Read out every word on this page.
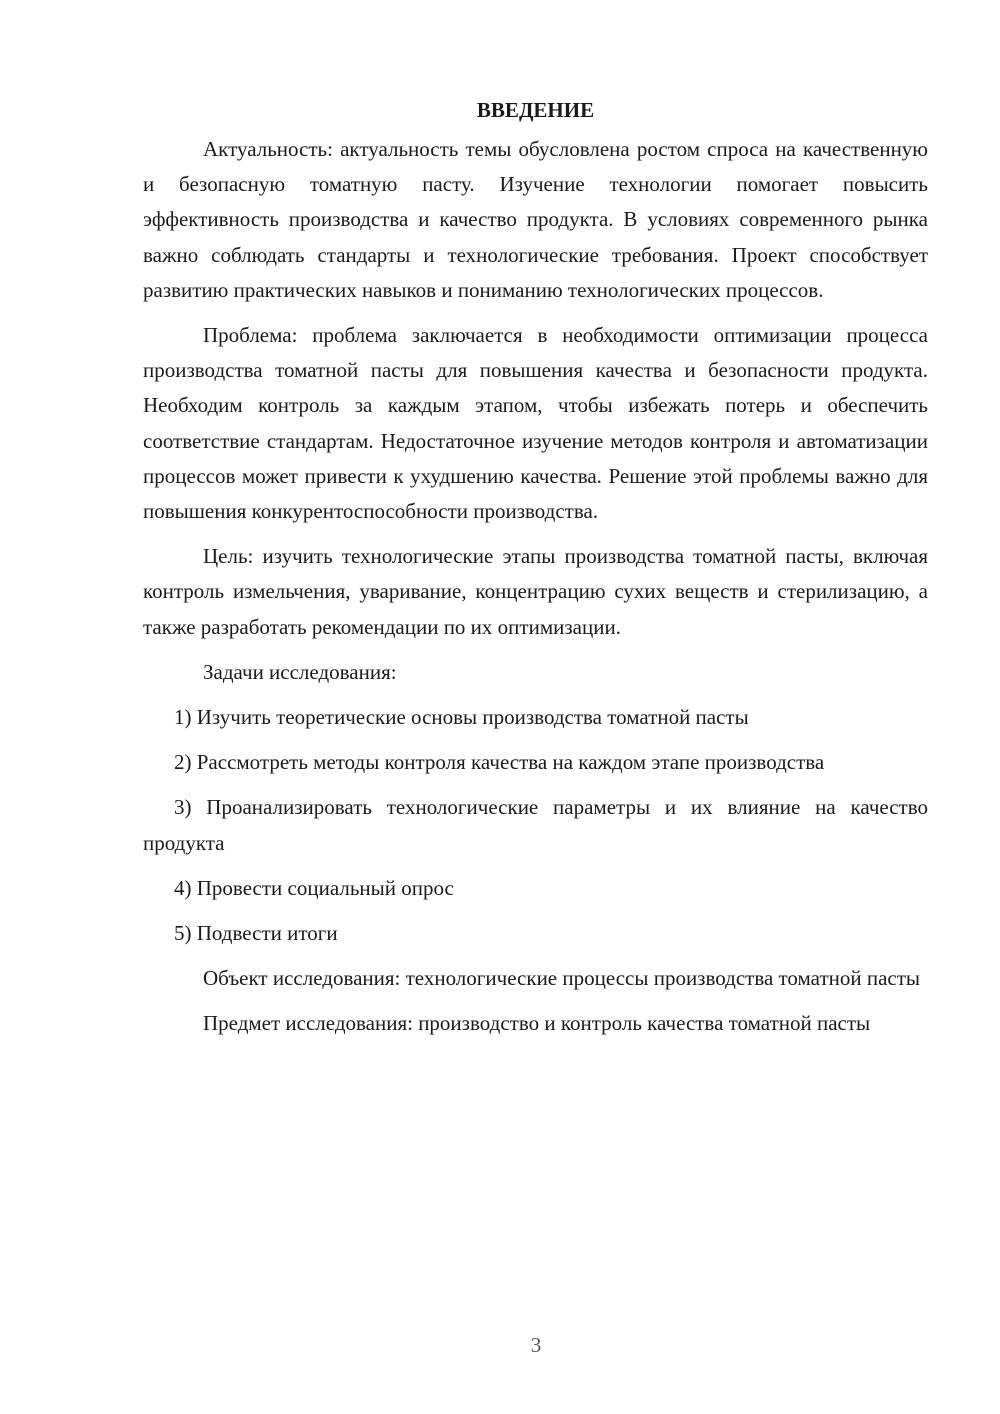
ВВЕДЕНИЕ

Актуальность: актуальность темы обусловлена ростом спроса на качественную и безопасную томатную пасту. Изучение технологии помогает повысить эффективность производства и качество продукта. В условиях современного рынка важно соблюдать стандарты и технологические требования. Проект способствует развитию практических навыков и пониманию технологических процессов.

Проблема: проблема заключается в необходимости оптимизации процесса производства томатной пасты для повышения качества и безопасности продукта. Необходим контроль за каждым этапом, чтобы избежать потерь и обеспечить соответствие стандартам. Недостаточное изучение методов контроля и автоматизации процессов может привести к ухудшению качества. Решение этой проблемы важно для повышения конкурентоспособности производства.

Цель: изучить технологические этапы производства томатной пасты, включая контроль измельчения, уваривание, концентрацию сухих веществ и стерилизацию, а также разработать рекомендации по их оптимизации.

Задачи исследования:

1) Изучить теоретические основы производства томатной пасты

2) Рассмотреть методы контроля качества на каждом этапе производства

3) Проанализировать технологические параметры и их влияние на качество продукта

4) Провести социальный опрос

5) Подвести итоги

Объект исследования: технологические процессы производства томатной пасты

Предмет исследования: производство и контроль качества томатной пасты

3
